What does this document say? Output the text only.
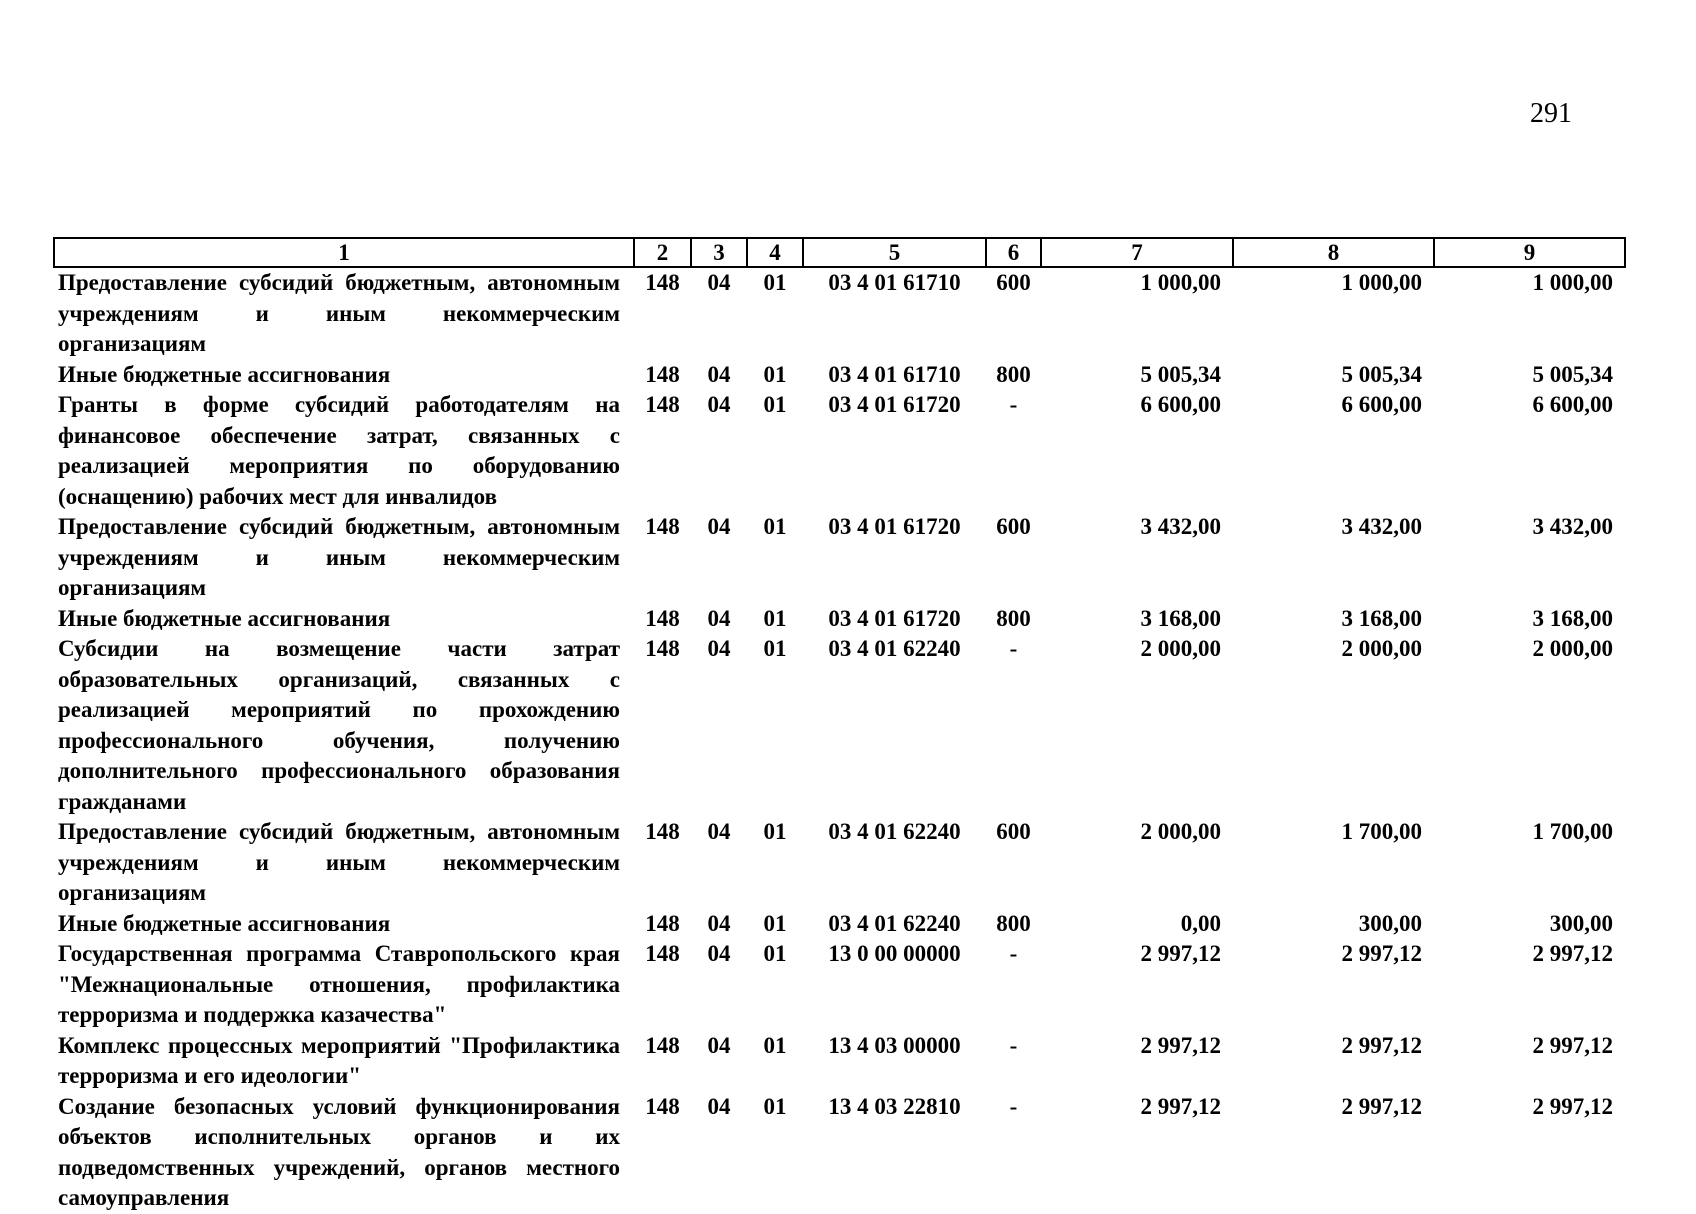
291
1	2	3	4	5	6	7	8	9
Предоставление субсидий бюджетным, автономным учреждениям и иным некоммерческим организациям	148	04	01	03 4 01 61710	600	1 000,00	1 000,00	1 000,00
Иные бюджетные ассигнования	148	04	01	03 4 01 61710	800	5 005,34	5 005,34	5 005,34
Гранты в форме субсидий работодателям на финансовое обеспечение затрат, связанных с реализацией мероприятия по оборудованию (оснащению) рабочих мест для инвалидов	148	04	01	03 4 01 61720	-	6 600,00	6 600,00	6 600,00
Предоставление субсидий бюджетным, автономным учреждениям и иным некоммерческим организациям	148	04	01	03 4 01 61720	600	3 432,00	3 432,00	3 432,00
Иные бюджетные ассигнования	148	04	01	03 4 01 61720	800	3 168,00	3 168,00	3 168,00
Субсидии на возмещение части затрат образовательных организаций, связанных с реализацией мероприятий по прохождению профессионального обучения, получению дополнительного профессионального образования гражданами	148	04	01	03 4 01 62240	-	2 000,00	2 000,00	2 000,00
Предоставление субсидий бюджетным, автономным учреждениям и иным некоммерческим организациям	148	04	01	03 4 01 62240	600	2 000,00	1 700,00	1 700,00
Иные бюджетные ассигнования	148	04	01	03 4 01 62240	800	0,00	300,00	300,00
Государственная программа Ставропольского края "Межнациональные отношения, профилактика терроризма и поддержка казачества"	148	04	01	13 0 00 00000	-	2 997,12	2 997,12	2 997,12
Комплекс процессных мероприятий "Профилактика терроризма и его идеологии"	148	04	01	13 4 03 00000	-	2 997,12	2 997,12	2 997,12
Создание безопасных условий функционирования объектов исполнительных органов и их подведомственных учреждений, органов местного самоуправления	148	04	01	13 4 03 22810	-	2 997,12	2 997,12	2 997,12
